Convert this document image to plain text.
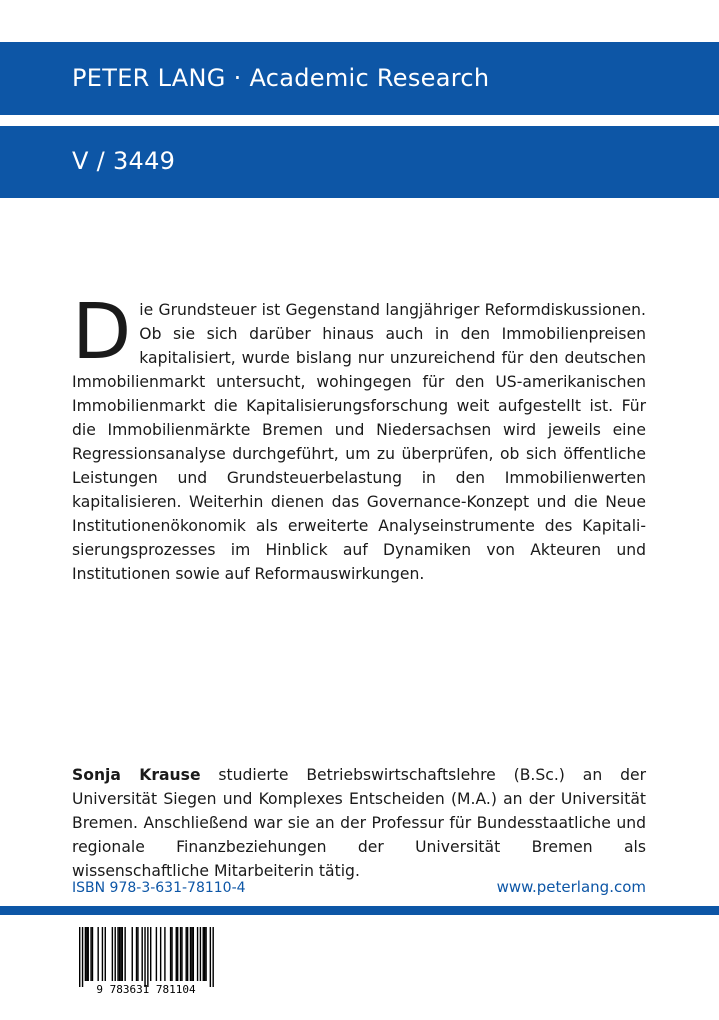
PETER LANG · Academic Research
V / 3449
D ie Grundsteuer ist Gegenstand langjähriger Reformdiskussionen. Ob sie sich darüber hinaus auch in den Immobilienpreisen kapitalisiert, wurde bislang nur unzureichend für den deutschen Immobilienmarkt untersucht, wohingegen für den US-amerikanischen Immobilienmarkt die Kapitalisierungsforschung weit aufgestellt ist. Für die Immobilienmärkte Bremen und Niedersachsen wird jeweils eine Regressionsanalyse durchgeführt, um zu überprüfen, ob sich öffentliche Leistungen und Grundsteuerbelastung in den Immobilienwerten kapitalisieren. Weiterhin dienen das Governance-Konzept und die Neue Institutionenökonomik als erweiterte Analyseinstrumente des Kapitalisierungsprozesses im Hinblick auf Dynamiken von Akteuren und Institutionen sowie auf Reformauswirkungen.
Sonja Krause studierte Betriebswirtschaftslehre (B.Sc.) an der Universität Siegen und Komplexes Entscheiden (M.A.) an der Universität Bremen. Anschließend war sie an der Professur für Bundesstaatliche und regionale Finanzbeziehungen der Universität Bremen als wissenschaftliche Mitarbeiterin tätig.
ISBN 978-3-631-78110-4	www.peterlang.com
9 783631 781104
